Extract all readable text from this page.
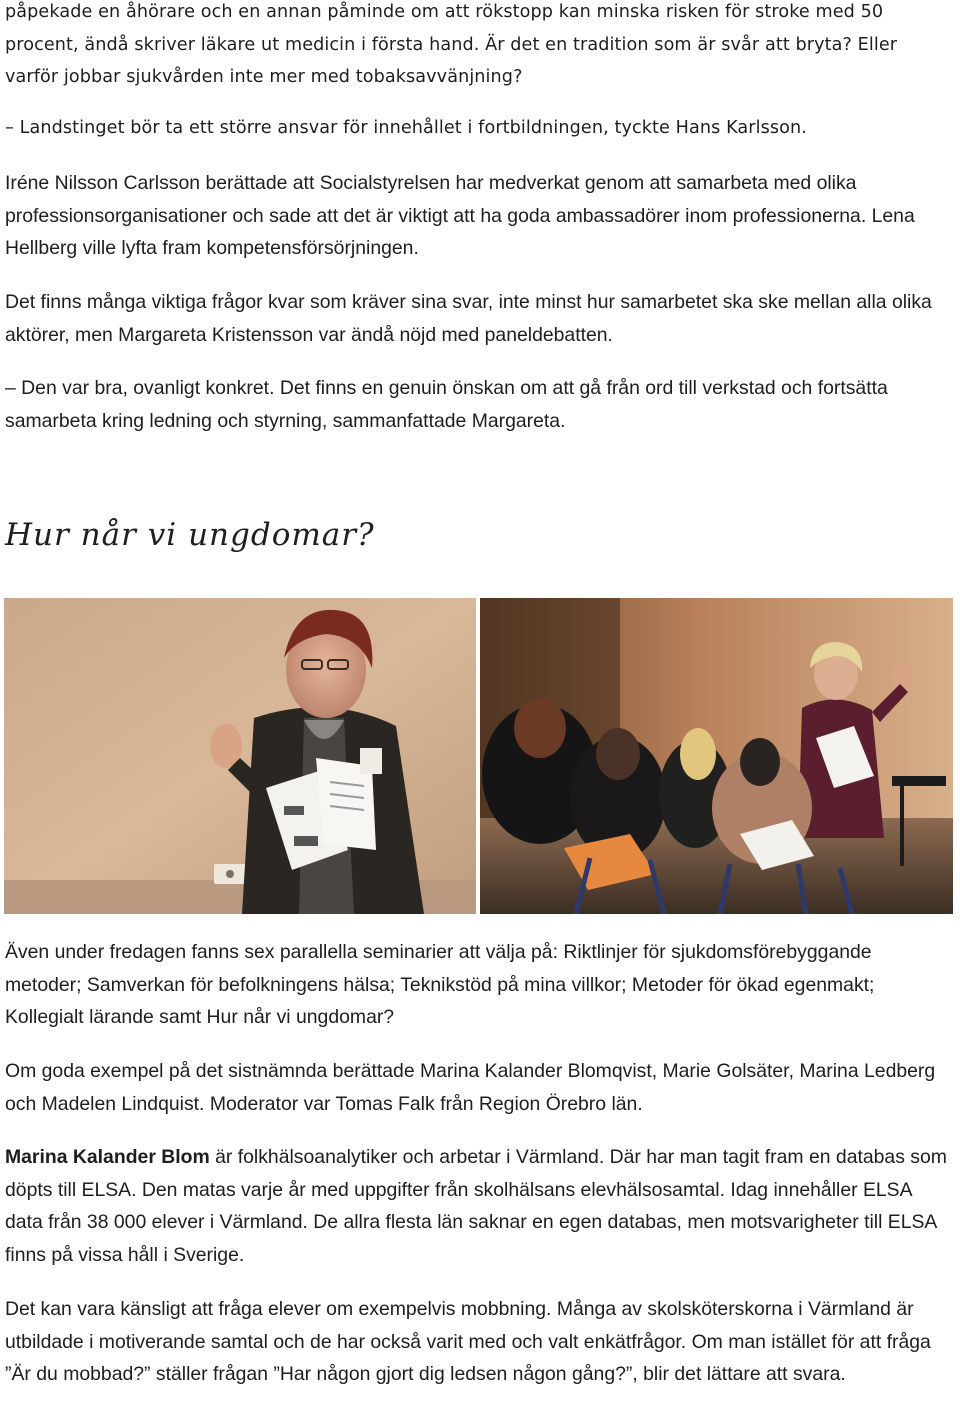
påpekade en åhörare och en annan påminde om att rökstopp kan minska risken för stroke med 50 procent, ändå skriver läkare ut medicin i första hand. Är det en tradition som är svår att bryta? Eller varför jobbar sjukvården inte mer med tobaksavvänjning?

– Landstinget bör ta ett större ansvar för innehållet i fortbildningen, tyckte Hans Karlsson.

Iréne Nilsson Carlsson berättade att Socialstyrelsen har medverkat genom att samarbeta med olika professionsorganisationer och sade att det är viktigt att ha goda ambassadörer inom professionerna. Lena Hellberg ville lyfta fram kompetensförsörjningen.

Det finns många viktiga frågor kvar som kräver sina svar, inte minst hur samarbetet ska ske mellan alla olika aktörer, men Margareta Kristensson var ändå nöjd med paneldebatten.

– Den var bra, ovanligt konkret. Det finns en genuin önskan om att gå från ord till verkstad och fortsätta samarbeta kring ledning och styrning, sammanfattade Margareta.

Hur når vi ungdomar?

Även under fredagen fanns sex parallella seminarier att välja på: Riktlinjer för sjukdomsförebyggande metoder; Samverkan för befolkningens hälsa; Teknikstöd på mina villkor; Metoder för ökad egenmakt; Kollegialt lärande samt Hur når vi ungdomar?

Om goda exempel på det sistnämnda berättade Marina Kalander Blomqvist, Marie Golsäter, Marina Ledberg och Madelen Lindquist. Moderator var Tomas Falk från Region Örebro län.

Marina Kalander Blom är folkhälsoanalytiker och arbetar i Värmland. Där har man tagit fram en databas som döpts till ELSA. Den matas varje år med uppgifter från skolhälsans elevhälsosamtal. Idag innehåller ELSA data från 38 000 elever i Värmland. De allra flesta län saknar en egen databas, men motsvarigheter till ELSA finns på vissa håll i Sverige.

Det kan vara känsligt att fråga elever om exempelvis mobbning. Många av skolsköterskorna i Värmland är utbildade i motiverande samtal och de har också varit med och valt enkätfrågor. Om man istället för att fråga ”Är du mobbad?” ställer frågan ”Har någon gjort dig ledsen någon gång?”, blir det lättare att svara.
